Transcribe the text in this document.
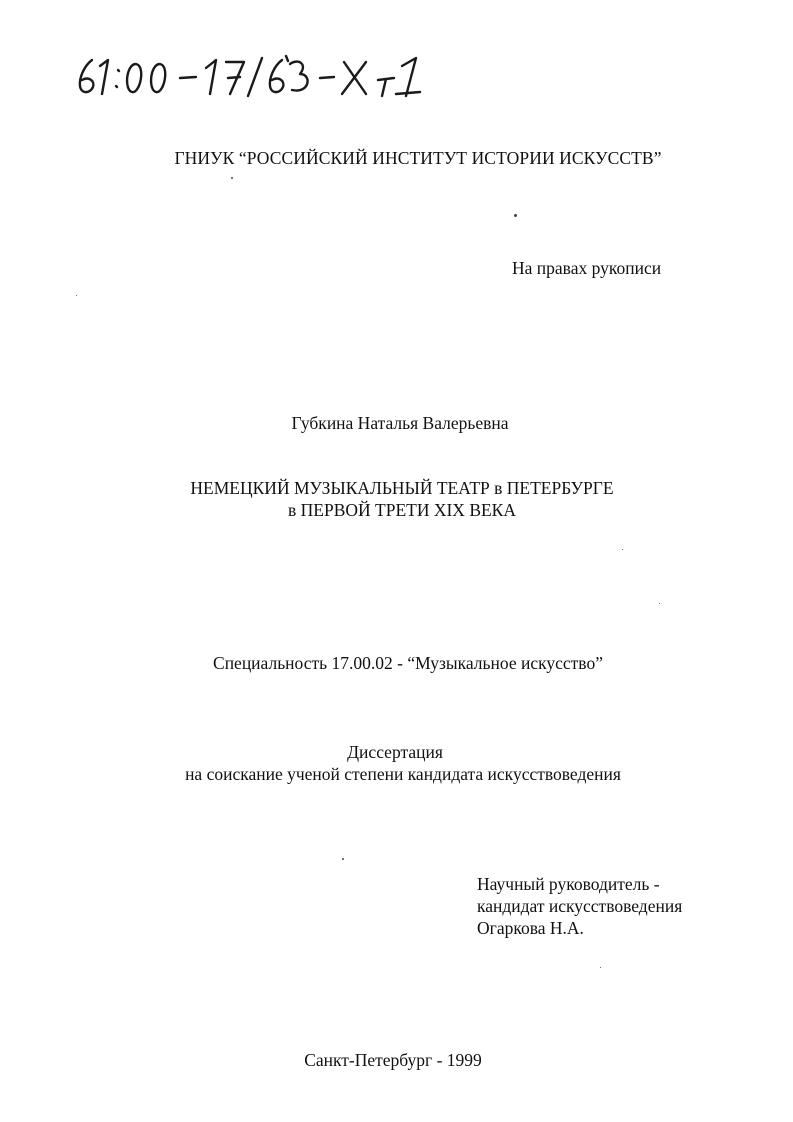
ГНИУК “РОССИЙСКИЙ ИНСТИТУТ ИСТОРИИ ИСКУССТВ”
На правах рукописи
Губкина Наталья Валерьевна
НЕМЕЦКИЙ МУЗЫКАЛЬНЫЙ ТЕАТР в ПЕТЕРБУРГЕ
в ПЕРВОЙ ТРЕТИ XIX ВЕКА
Специальность 17.00.02 - “Музыкальное искусство”
Диссертация
на соискание ученой степени кандидата искусствоведения
Научный руководитель -
кандидат искусствоведения
Огаркова Н.А.
Санкт-Петербург - 1999
